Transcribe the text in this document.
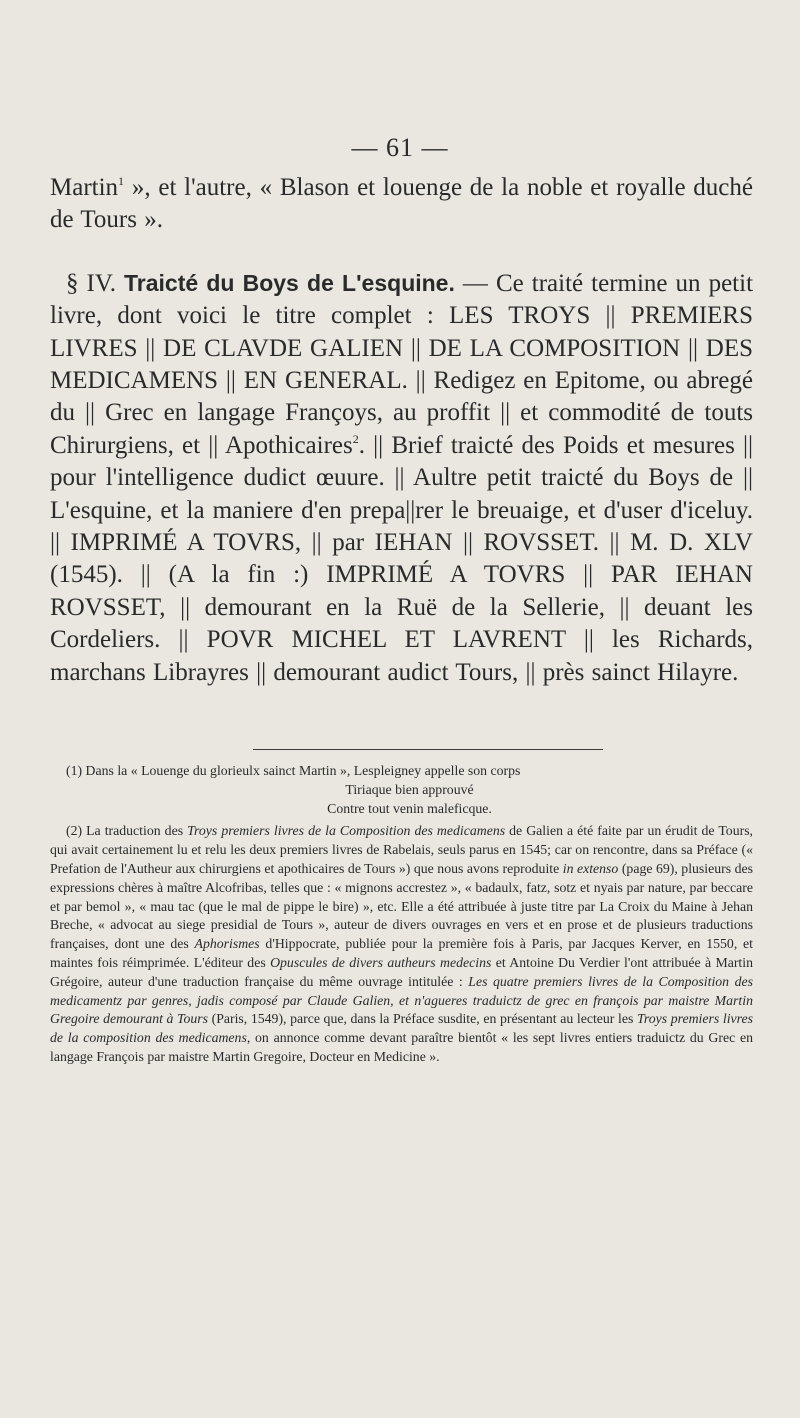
— 61 —

Martin$^1$ », et l'autre, « Blason et louenge de la noble et royalle duché de Tours ».

§ IV. Traicté du Boys de L'esquine. — Ce traité termine un petit livre, dont voici le titre complet : LES TROYS || PREMIERS LIVRES || DE CLAVDE GALIEN || DE LA COMPOSITION || DES MEDICAMENS || EN GENERAL. || Redigez en Epitome, ou abregé du || Grec en langage Françoys, au proffit || et commodité de touts Chirurgiens, et || Apothicaires$^2$. || Brief traicté des Poids et mesures || pour l'intelligence dudict œuure. || Aultre petit traicté du Boys de || L'esquine, et la maniere d'en prepa||rer le breuaige, et d'user d'iceluy. || IMPRIMÉ A TOVRS, || par IEHAN || ROVSSET. || M. D. XLV (1545). || (A la fin :) IMPRIMÉ A TOVRS || PAR IEHAN ROVSSET, || demourant en la Ruë de la Sellerie, || deuant les Cordeliers. || POVR MICHEL ET LAVRENT || les Richards, marchans Librayres || demourant audict Tours, || près sainct Hilayre.

(1) Dans la « Louenge du glorieulx sainct Martin », Lespleigney appelle son corps
Tiriaque bien approuvé
Contre tout venin maleficque.

(2) La traduction des Troys premiers livres de la Composition des medicamens de Galien a été faite par un érudit de Tours, qui avait certainement lu et relu les deux premiers livres de Rabelais, seuls parus en 1545; car on rencontre, dans sa Préface (« Prefation de l'Autheur aux chirurgiens et apothicaires de Tours ») que nous avons reproduite in extenso (page 69), plusieurs des expressions chères à maître Alcofribas, telles que : « mignons accrestez », « badaulx, fatz, sotz et nyais par nature, par beccare et par bemol », « mau tac (que le mal de pippe le bire) », etc. Elle a été attribuée à juste titre par La Croix du Maine à Jehan Breche, « advocat au siege presidial de Tours », auteur de divers ouvrages en vers et en prose et de plusieurs traductions françaises, dont une des Aphorismes d'Hippocrate, publiée pour la première fois à Paris, par Jacques Kerver, en 1550, et maintes fois réimprimée. L'éditeur des Opuscules de divers autheurs medecins et Antoine Du Verdier l'ont attribuée à Martin Grégoire, auteur d'une traduction française du même ouvrage intitulée : Les quatre premiers livres de la Composition des medicamentz par genres, jadis composé par Claude Galien, et n'agueres traduictz de grec en françois par maistre Martin Gregoire demourant à Tours (Paris, 1549), parce que, dans la Préface susdite, en présentant au lecteur les Troys premiers livres de la composition des medicamens, on annonce comme devant paraître bientôt « les sept livres entiers traduictz du Grec en langage François par maistre Martin Gregoire, Docteur en Medicine ».
